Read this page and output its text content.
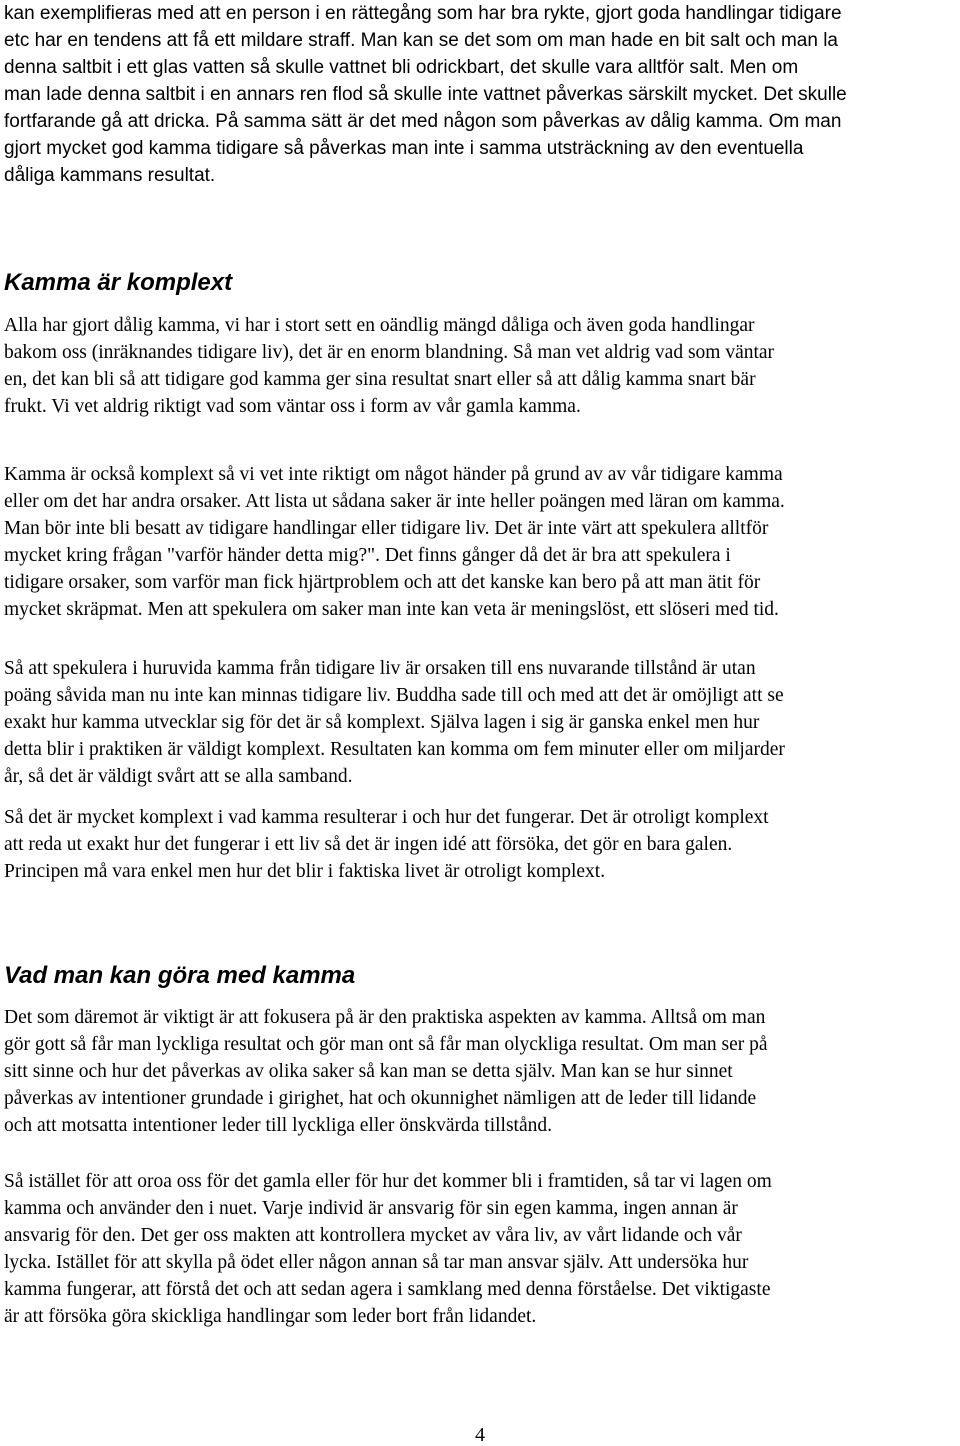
kan exemplifieras med att en person i en rättegång som har bra rykte, gjort goda handlingar tidigare
etc har en tendens att få ett mildare straff. Man kan se det som om man hade en bit salt och man la
denna saltbit i ett glas vatten så skulle vattnet bli odrickbart, det skulle vara alltför salt. Men om
man lade denna saltbit i en annars ren flod så skulle inte vattnet påverkas särskilt mycket. Det skulle
fortfarande gå att dricka. På samma sätt är det med någon som påverkas av dålig kamma. Om man
gjort mycket god kamma tidigare så påverkas man inte i samma utsträckning av den eventuella
dåliga kammans resultat.
Kamma är komplext
Alla har gjort dålig kamma, vi har i stort sett en oändlig mängd dåliga och även goda handlingar
bakom oss (inräknandes tidigare liv), det är en enorm blandning. Så man vet aldrig vad som väntar
en, det kan bli så att tidigare god kamma ger sina resultat snart eller så att dålig kamma snart bär
frukt. Vi vet aldrig riktigt vad som väntar oss i form av vår gamla kamma.
Kamma är också komplext så vi vet inte riktigt om något händer på grund av av vår tidigare kamma
eller om det har andra orsaker. Att lista ut sådana saker är inte heller poängen med läran om kamma.
Man bör inte bli besatt av tidigare handlingar eller tidigare liv. Det är inte värt att spekulera alltför
mycket kring frågan "varför händer detta mig?". Det finns gånger då det är bra att spekulera i
tidigare orsaker, som varför man fick hjärtproblem och att det kanske kan bero på att man ätit för
mycket skräpmat. Men att spekulera om saker man inte kan veta är meningslöst, ett slöseri med tid.
Så att spekulera i huruvida kamma från tidigare liv är orsaken till ens nuvarande tillstånd är utan
poäng såvida man nu inte kan minnas tidigare liv. Buddha sade till och med att det är omöjligt att se
exakt hur kamma utvecklar sig för det är så komplext. Själva lagen i sig är ganska enkel men hur
detta blir i praktiken är väldigt komplext. Resultaten kan komma om fem minuter eller om miljarder
år, så det är väldigt svårt att se alla samband.
Så det är mycket komplext i vad kamma resulterar i och hur det fungerar. Det är otroligt komplext
att reda ut exakt hur det fungerar i ett liv så det är ingen idé att försöka, det gör en bara galen.
Principen må vara enkel men hur det blir i faktiska livet är otroligt komplext.
Vad man kan göra med kamma
Det som däremot är viktigt är att fokusera på är den praktiska aspekten av kamma. Alltså om man
gör gott så får man lyckliga resultat och gör man ont så får man olyckliga resultat. Om man ser på
sitt sinne och hur det påverkas av olika saker så kan man se detta själv. Man kan se hur sinnet
påverkas av intentioner grundade i girighet, hat och okunnighet nämligen att de leder till lidande
och att motsatta intentioner leder till lyckliga eller önskvärda tillstånd.
Så istället för att oroa oss för det gamla eller för hur det kommer bli i framtiden, så tar vi lagen om
kamma och använder den i nuet. Varje individ är ansvarig för sin egen kamma, ingen annan är
ansvarig för den. Det ger oss makten att kontrollera mycket av våra liv, av vårt lidande och vår
lycka. Istället för att skylla på ödet eller någon annan så tar man ansvar själv. Att undersöka hur
kamma fungerar, att förstå det och att sedan agera i samklang med denna förståelse. Det viktigaste
är att försöka göra skickliga handlingar som leder bort från lidandet.
4
